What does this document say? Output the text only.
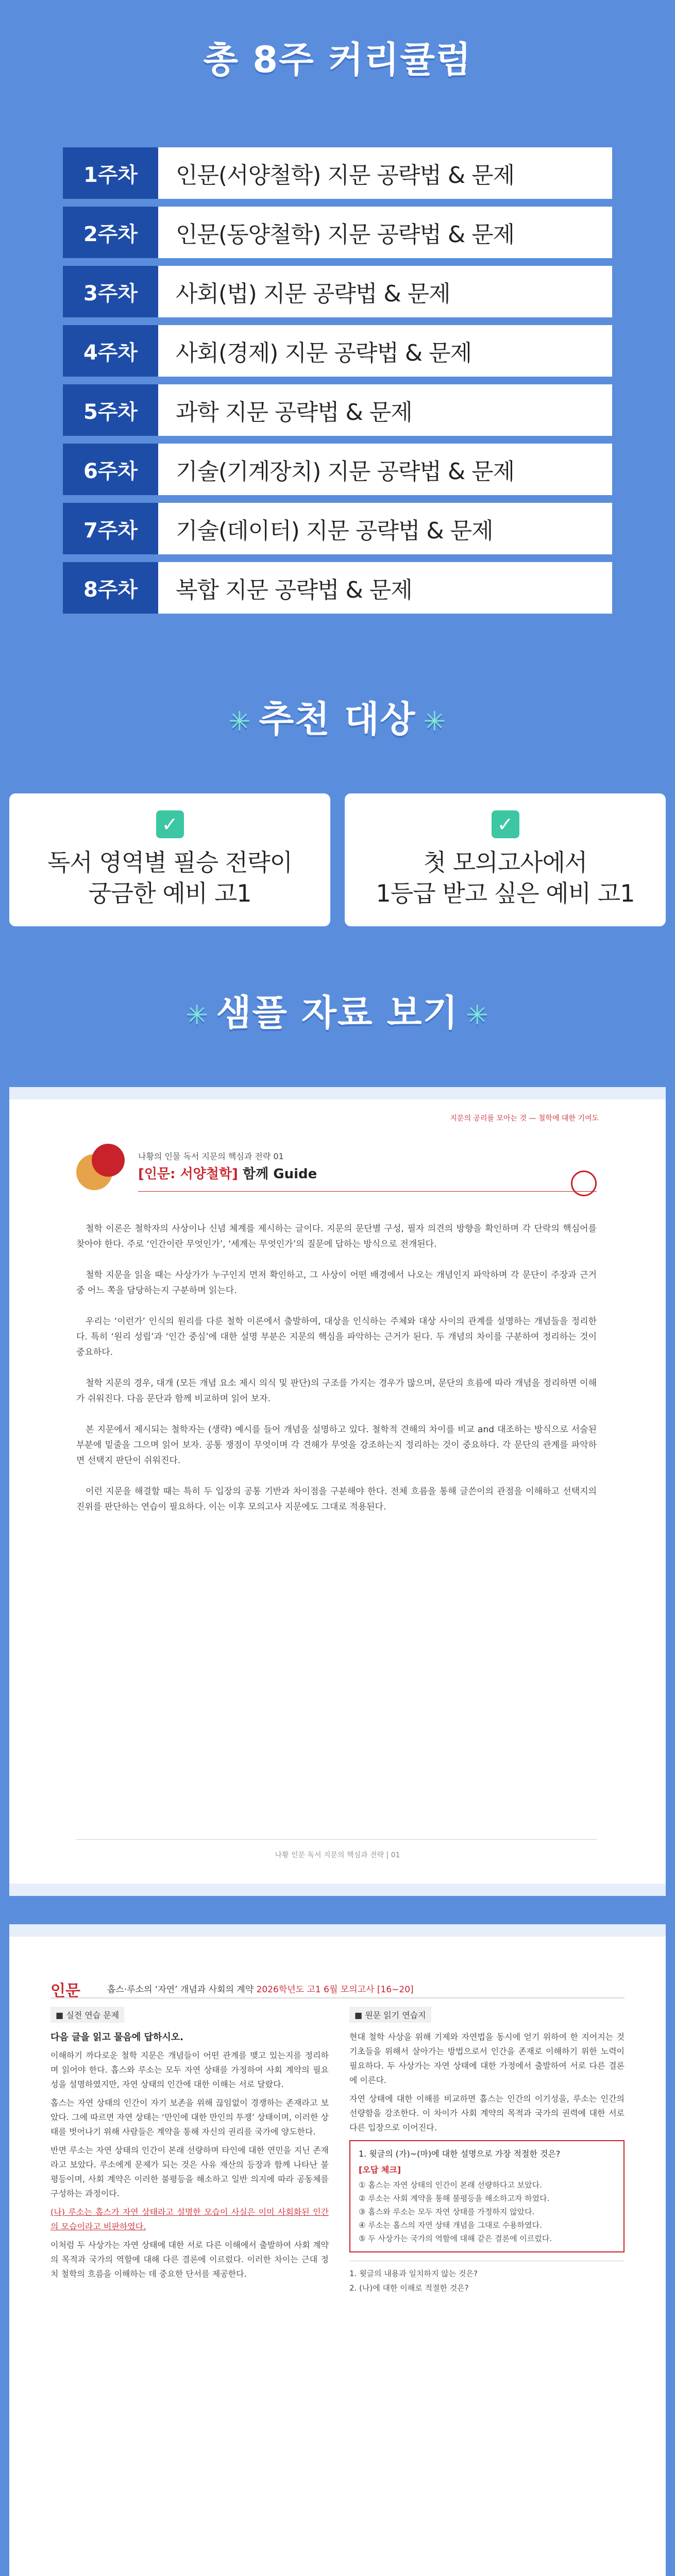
총 8주 커리큘럼
1주차	인문(서양철학) 지문 공략법 & 문제
2주차	인문(동양철학) 지문 공략법 & 문제
3주차	사회(법) 지문 공략법 & 문제
4주차	사회(경제) 지문 공략법 & 문제
5주차	과학 지문 공략법 & 문제
6주차	기술(기계장치) 지문 공략법 & 문제
7주차	기술(데이터) 지문 공략법 & 문제
8주차	복합 지문 공략법 & 문제
✳ 추천 대상 ✳
✓
독서 영역별 필승 전략이
궁금한 예비 고1
✓
첫 모의고사에서
1등급 받고 싶은 예비 고1
✳ 샘플 자료 보기 ✳
지문의 공리를 모아는 것 — 철학에 대한 기여도
나황의 인물 독서 지문의 핵심과 전략 01
[인문: 서양철학] 함께 Guide
철학 이론은 철학자의 사상이나 신념 체계를 제시하는 글이다. 지문의 문단별 구성, 필자 의견의 방향을 확인하며 각 단락의 핵심어를 찾아야 한다. 주로 ‘인간이란 무엇인가’, ‘세계는 무엇인가’의 질문에 답하는 방식으로 전개된다.
철학 지문을 읽을 때는 사상가가 누구인지 먼저 확인하고, 그 사상이 어떤 배경에서 나오는 개념인지 파악하며 각 문단이 주장과 근거 중 어느 쪽을 담당하는지 구분하며 읽는다.
우리는 ‘이런가’ 인식의 원리를 다룬 철학 이론에서 출발하여, 대상을 인식하는 주체와 대상 사이의 관계를 설명하는 개념들을 정리한다. 특히 ‘원리 성립’과 ‘인간 중심’에 대한 설명 부분은 지문의 핵심을 파악하는 근거가 된다. 두 개념의 차이를 구분하여 정리하는 것이 중요하다.
철학 지문의 경우, 대개 (모든 개념 요소 제시 의식 및 판단)의 구조를 가지는 경우가 많으며, 문단의 흐름에 따라 개념을 정리하면 이해가 쉬워진다. 다음 문단과 함께 비교하며 읽어 보자.
본 지문에서 제시되는 철학자는 (생략) 예시를 들어 개념을 설명하고 있다. 철학적 견해의 차이를 비교 and 대조하는 방식으로 서술된 부분에 밑줄을 그으며 읽어 보자. 공통 쟁점이 무엇이며 각 견해가 무엇을 강조하는지 정리하는 것이 중요하다. 각 문단의 관계를 파악하면 선택지 판단이 쉬워진다.
이런 지문을 해결할 때는 특히 두 입장의 공통 기반과 차이점을 구분해야 한다. 전체 흐름을 통해 글쓴이의 관점을 이해하고 선택지의 진위를 판단하는 연습이 필요하다. 이는 이후 모의고사 지문에도 그대로 적용된다.
나황 인문 독서 지문의 핵심과 전략 | 01
인문	홉스·루소의 ‘자연’ 개념과 사회의 계약 2026학년도 고1 6월 모의고사 [16~20]
■ 실전 연습 문제
다음 글을 읽고 물음에 답하시오.
이해하기 까다로운 철학 지문은 개념들이 어떤 관계를 맺고 있는지를 정리하며 읽어야 한다. 홉스와 루소는 모두 자연 상태를 가정하여 사회 계약의 필요성을 설명하였지만, 자연 상태의 인간에 대한 이해는 서로 달랐다.
홉스는 자연 상태의 인간이 자기 보존을 위해 끊임없이 경쟁하는 존재라고 보았다. 그에 따르면 자연 상태는 ‘만인에 대한 만인의 투쟁’ 상태이며, 이러한 상태를 벗어나기 위해 사람들은 계약을 통해 자신의 권리를 국가에 양도한다.
반면 루소는 자연 상태의 인간이 본래 선량하며 타인에 대한 연민을 지닌 존재라고 보았다. 루소에게 문제가 되는 것은 사유 재산의 등장과 함께 나타난 불평등이며, 사회 계약은 이러한 불평등을 해소하고 일반 의지에 따라 공동체를 구성하는 과정이다.
(나) 루소는 홉스가 자연 상태라고 설명한 모습이 사실은 이미 사회화된 인간의 모습이라고 비판하였다.
이처럼 두 사상가는 자연 상태에 대한 서로 다른 이해에서 출발하여 사회 계약의 목적과 국가의 역할에 대해 다른 결론에 이르렀다. 이러한 차이는 근대 정치 철학의 흐름을 이해하는 데 중요한 단서를 제공한다.
■ 원문 읽기 연습지
현대 철학 사상을 위해 기제와 자연법을 동시에 얻기 위하여 한 지어지는 것 기초들을 위해서 살아가는 방법으로서 인간을 존재로 이해하기 위한 노력이 필요하다. 두 사상가는 자연 상태에 대한 가정에서 출발하여 서로 다른 결론에 이른다.
자연 상태에 대한 이해를 비교하면 홉스는 인간의 이기성을, 루소는 인간의 선량함을 강조한다. 이 차이가 사회 계약의 목적과 국가의 권력에 대한 서로 다른 입장으로 이어진다.
1. 윗글의 (가)~(마)에 대한 설명으로 가장 적절한 것은?
[오답 체크]
① 홉스는 자연 상태의 인간이 본래 선량하다고 보았다.
② 루소는 사회 계약을 통해 불평등을 해소하고자 하였다.
③ 홉스와 루소는 모두 자연 상태를 가정하지 않았다.
④ 루소는 홉스의 자연 상태 개념을 그대로 수용하였다.
⑤ 두 사상가는 국가의 역할에 대해 같은 결론에 이르렀다.
1. 윗글의 내용과 일치하지 않는 것은?
2. (나)에 대한 이해로 적절한 것은?
